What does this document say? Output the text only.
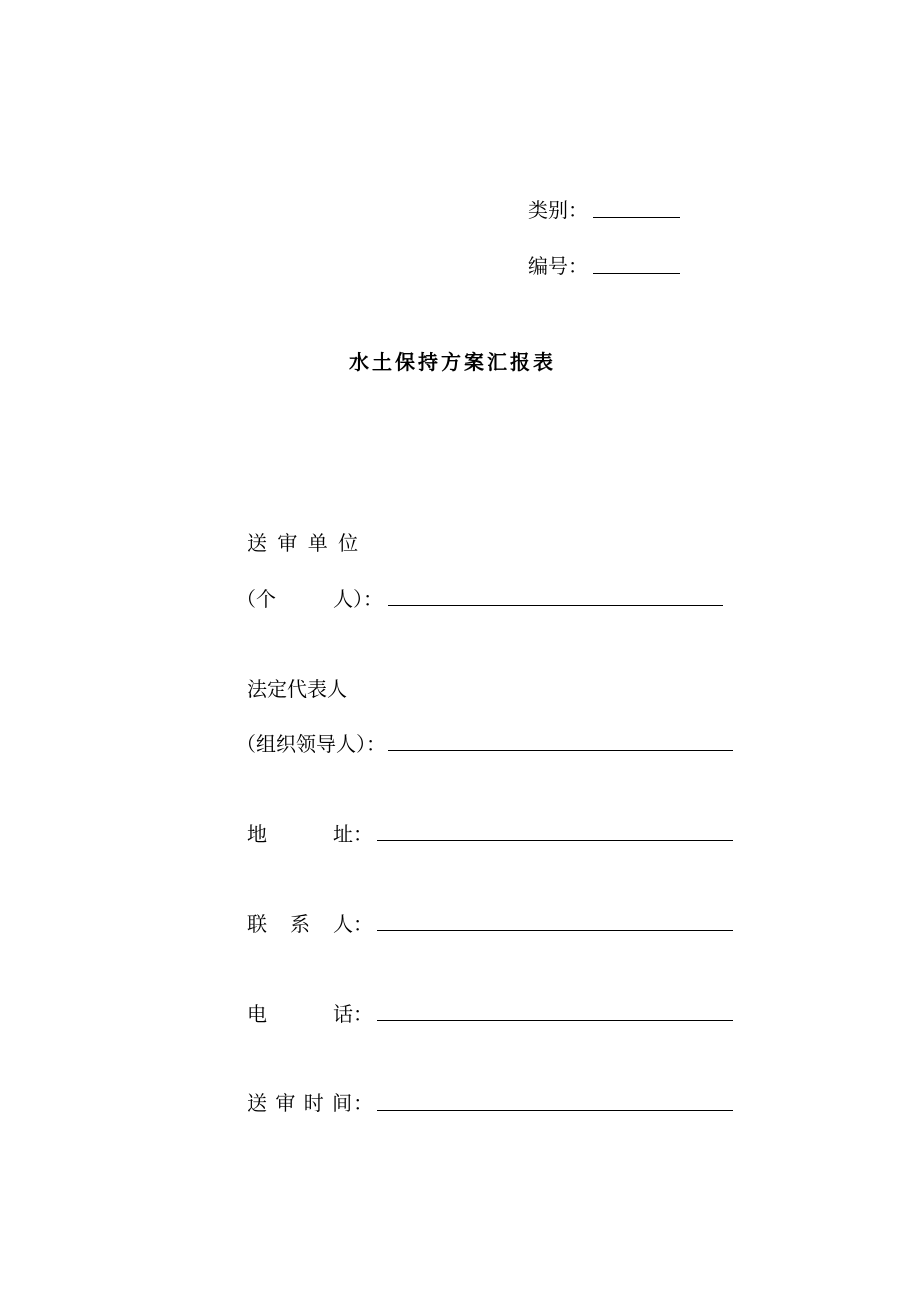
类别：
编号：
水土保持方案汇报表
送 审 单 位
（个	人）：
法定代表人
（组织领导人）：
地	址：
联 系 人：
电	话：
送 审 时 间：
